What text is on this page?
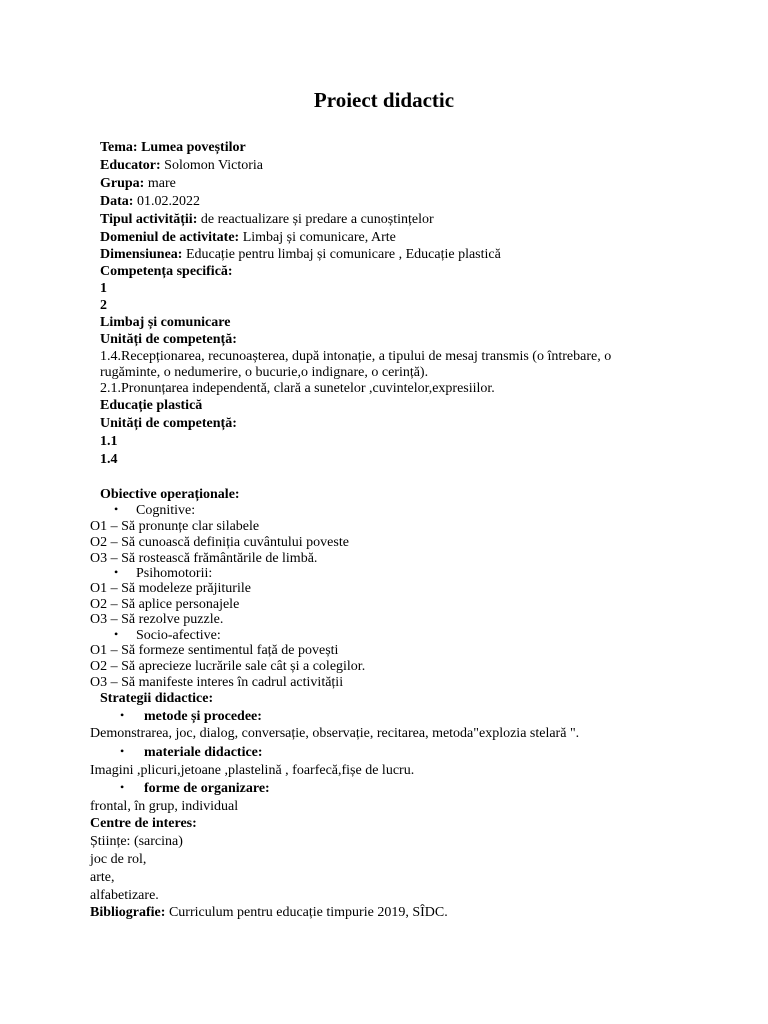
Proiect didactic
Tema: Lumea poveștilor
Educator: Solomon Victoria
Grupa: mare
Data: 01.02.2022
Tipul activității: de reactualizare și predare a cunoștințelor
Domeniul de activitate: Limbaj și comunicare, Arte
Dimensiunea: Educație pentru limbaj și comunicare , Educație plastică
Competența specifică:
1
2
Limbaj și comunicare
Unități de competență:
1.4.Recepționarea, recunoașterea, după intonație, a tipului de mesaj transmis (o întrebare, o
rugăminte, o nedumerire, o bucurie,o indignare, o cerință).
2.1.Pronunțarea independentă, clară a sunetelor ,cuvintelor,expresiilor.
Educație plastică
Unități de competență:
1.1
1.4
Obiective operaționale:
• Cognitive:
O1 – Să pronunțe clar silabele
O2 – Să cunoască definiția cuvântului poveste
O3 – Să rostească frământările de limbă.
• Psihomotorii:
O1 – Să modeleze prăjiturile
O2 – Să aplice personajele
O3 – Să rezolve puzzle.
• Socio-afective:
O1 – Să formeze sentimentul față de povești
O2 – Să aprecieze lucrările sale cât și a colegilor.
O3 – Să manifeste interes în cadrul activității
Strategii didactice:
• metode și procedee:
Demonstrarea, joc, dialog, conversație, observație, recitarea, metoda"explozia stelară ".
• materiale didactice:
Imagini ,plicuri,jetoane ,plastelină , foarfecă,fișe de lucru.
• forme de organizare:
frontal, în grup, individual
Centre de interes:
Științe: (sarcina)
joc de rol,
arte,
alfabetizare.
Bibliografie: Curriculum pentru educație timpurie 2019, SÎDC.
